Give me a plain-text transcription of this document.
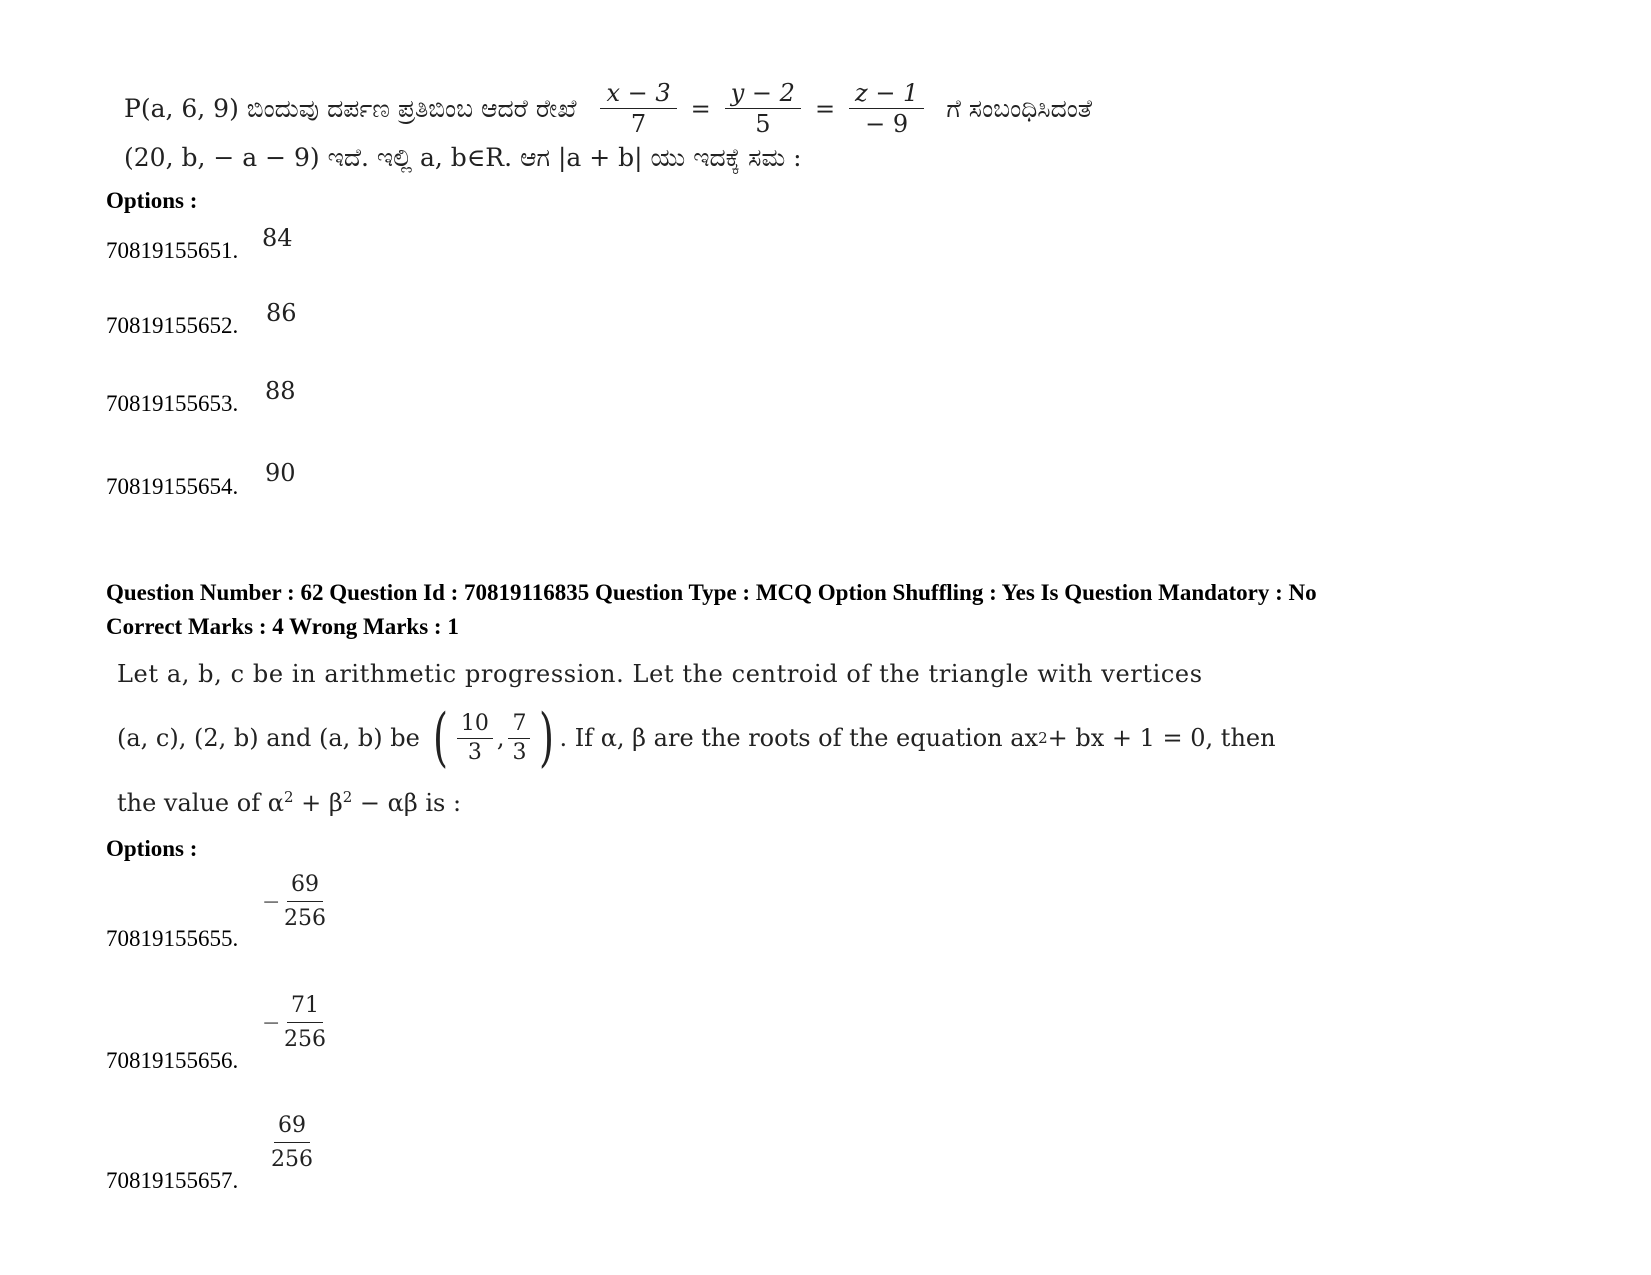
P(a, 6, 9) ಬಿಂದುವು ದರ್ಪಣ ಪ್ರತಿಬಿಂಬ ಆದರೆ ರೇಖೆ $\frac{x - 3}{7} = \frac{y - 2}{5} = \frac{z - 1}{- 9}$ ಗೆ ಸಂಬಂಧಿಸಿದಂತೆ
(20, b, − a − 9) ಇದೆ. ಇಲ್ಲಿ a, b∈R. ಆಗ |a + b| ಯು ಇದಕ್ಕೆ ಸಮ :
Options :
70819155651. 84
70819155652. 86
70819155653. 88
70819155654. 90
Question Number : 62 Question Id : 70819116835 Question Type : MCQ Option Shuffling : Yes Is Question Mandatory : No
Correct Marks : 4 Wrong Marks : 1
Let a, b, c be in arithmetic progression. Let the centroid of the triangle with vertices
(a, c), (2, b) and (a, b) be ( $\frac{10}{3}$ , $\frac{7}{3}$ ) . If α, β are the roots of the equation ax 2 + bx + 1 = 0, then
the value of $\alpha^2 + \beta^2 - \alpha\beta$ is :
Options :
70819155655.
− $\frac{69}{256}$
70819155656.
− $\frac{71}{256}$
70819155657.
$\frac{69}{256}$
